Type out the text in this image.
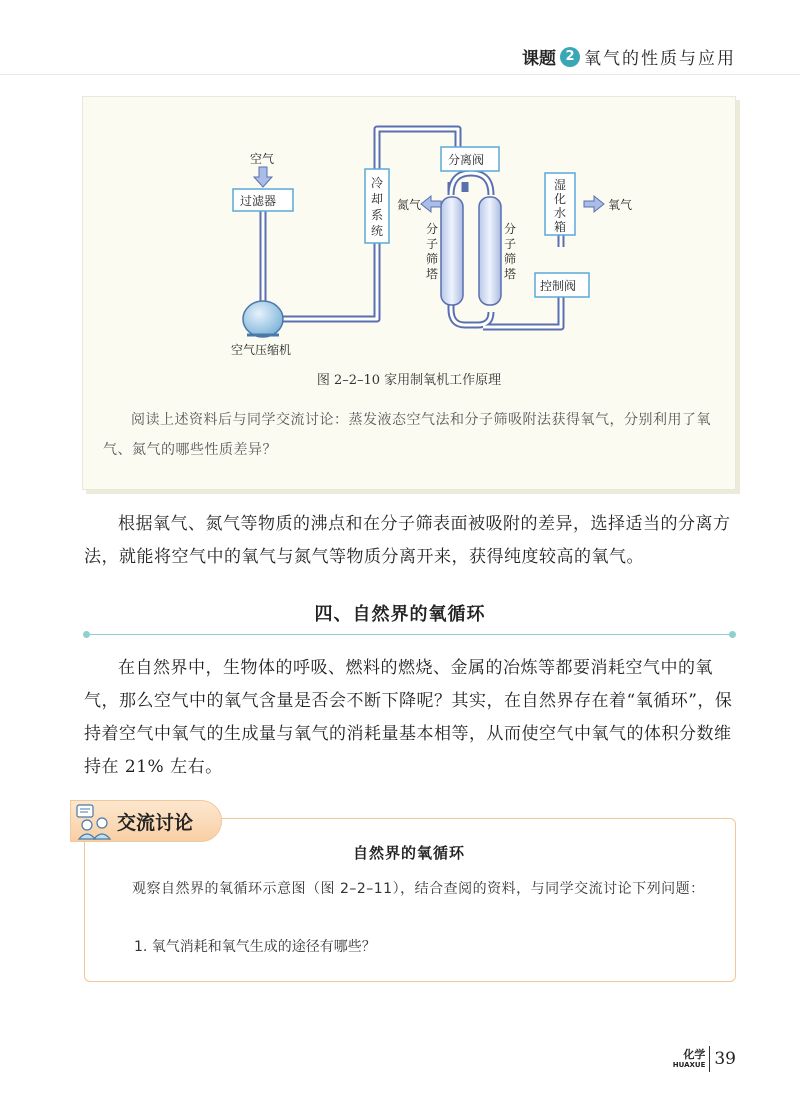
课题 2 氧气的性质与应用
空气
过滤器
空气压缩机
冷
却
系
统
分离阀
氮气
分
子
筛
塔
分
子
筛
塔
湿
化
水
箱
氧气
控制阀
图 2–2–10 家用制氧机工作原理
阅读上述资料后与同学交流讨论：蒸发液态空气法和分子筛吸附法获得氧气，分别利用了氧气、氮气的哪些性质差异？
根据氧气、氮气等物质的沸点和在分子筛表面被吸附的差异，选择适当的分离方法，就能将空气中的氧气与氮气等物质分离开来，获得纯度较高的氧气。
四、自然界的氧循环
在自然界中，生物体的呼吸、燃料的燃烧、金属的冶炼等都要消耗空气中的氧气，那么空气中的氧气含量是否会不断下降呢？其实，在自然界存在着“氧循环”，保持着空气中氧气的生成量与氧气的消耗量基本相等，从而使空气中氧气的体积分数维持在 21% 左右。
交流讨论
自然界的氧循环
观察自然界的氧循环示意图（图 2–2–11），结合查阅的资料，与同学交流讨论下列问题：
1. 氧气消耗和氧气生成的途径有哪些？
化学
HUAXUE 39
